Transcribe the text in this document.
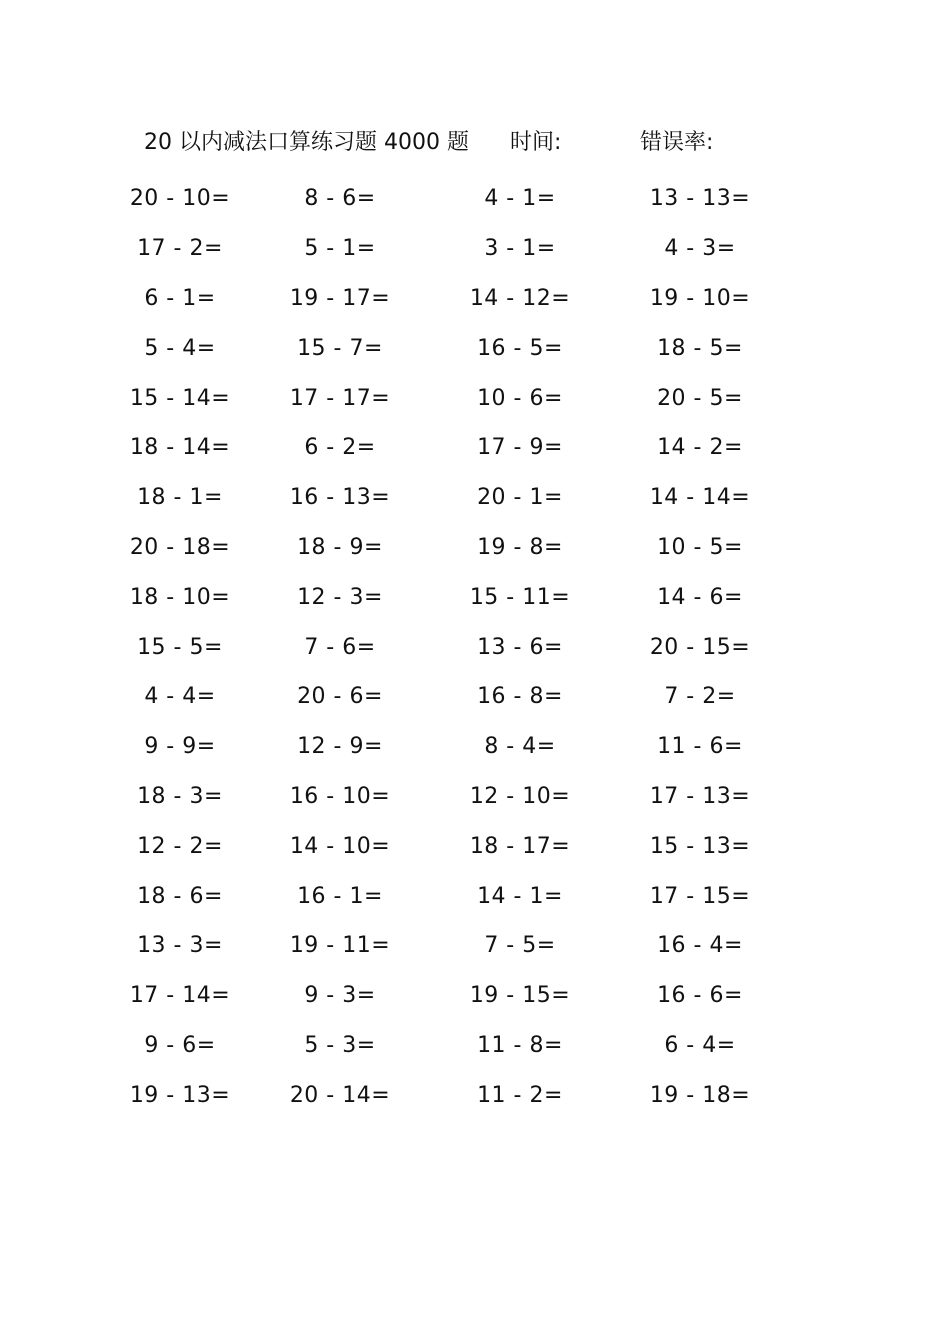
20 以内减法口算练习题 4000 题 时间:	错误率:
20 - 10=	8 - 6=	4 - 1=	13 - 13=
17 - 2=	5 - 1=	3 - 1=	4 - 3=
6 - 1=	19 - 17=	14 - 12=	19 - 10=
5 - 4=	15 - 7=	16 - 5=	18 - 5=
15 - 14=	17 - 17=	10 - 6=	20 - 5=
18 - 14=	6 - 2=	17 - 9=	14 - 2=
18 - 1=	16 - 13=	20 - 1=	14 - 14=
20 - 18=	18 - 9=	19 - 8=	10 - 5=
18 - 10=	12 - 3=	15 - 11=	14 - 6=
15 - 5=	7 - 6=	13 - 6=	20 - 15=
4 - 4=	20 - 6=	16 - 8=	7 - 2=
9 - 9=	12 - 9=	8 - 4=	11 - 6=
18 - 3=	16 - 10=	12 - 10=	17 - 13=
12 - 2=	14 - 10=	18 - 17=	15 - 13=
18 - 6=	16 - 1=	14 - 1=	17 - 15=
13 - 3=	19 - 11=	7 - 5=	16 - 4=
17 - 14=	9 - 3=	19 - 15=	16 - 6=
9 - 6=	5 - 3=	11 - 8=	6 - 4=
19 - 13=	20 - 14=	11 - 2=	19 - 18=
